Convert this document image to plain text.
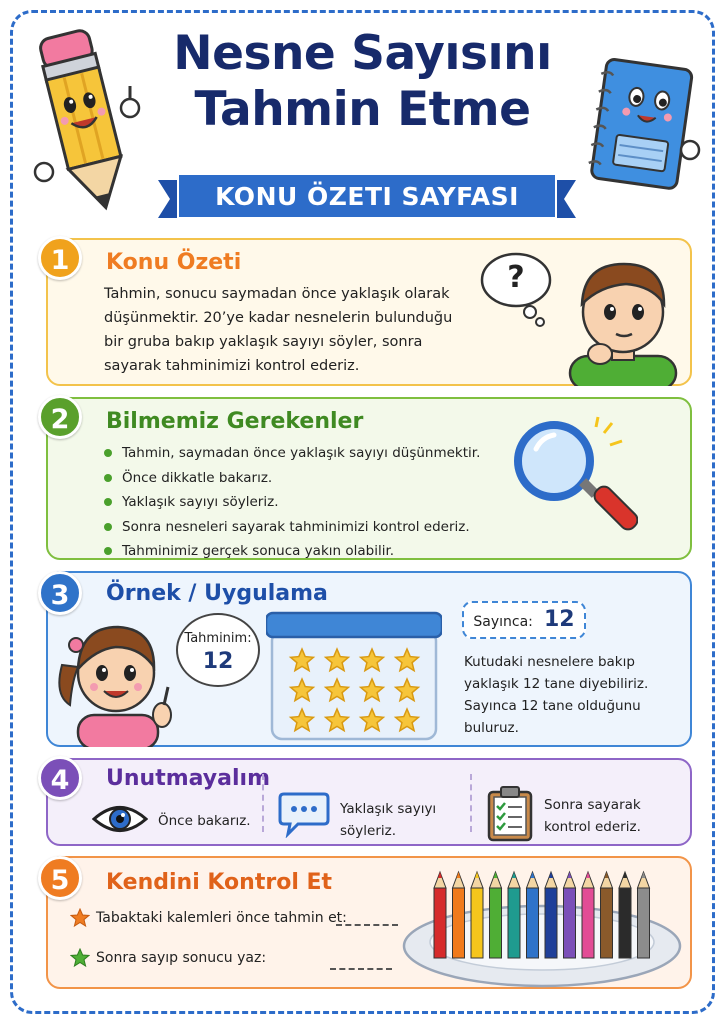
Nesne Sayısını
Tahmin Etme
KONU ÖZETI SAYFASI
Konu Özeti
Tahmin, sonucu saymadan önce yaklaşık olarak
düşünmektir. 20’ye kadar nesnelerin bulunduğu
bir gruba bakıp yaklaşık sayıyı söyler, sonra
sayarak tahminimizi kontrol ederiz.
?
1
Bilmemiz Gerekenler
Tahmin, saymadan önce yaklaşık sayıyı düşünmektir.
Önce dikkatle bakarız.
Yaklaşık sayıyı söyleriz.
Sonra nesneleri sayarak tahminimizi kontrol ederiz.
Tahminimiz gerçek sonuca yakın olabilir.
2
Örnek / Uygulama
Tahminim:
12
Sayınca: 12
Kutudaki nesnelere bakıp
yaklaşık 12 tane diyebiliriz.
Sayınca 12 tane olduğunu
buluruz.
3
Unutmayalım
Önce bakarız.
Yaklaşık sayıyı
söyleriz.
Sonra sayarak
kontrol ederiz.
4
Kendini Kontrol Et
Tabaktaki kalemleri önce tahmin et:
Sonra sayıp sonucu yaz:
5
